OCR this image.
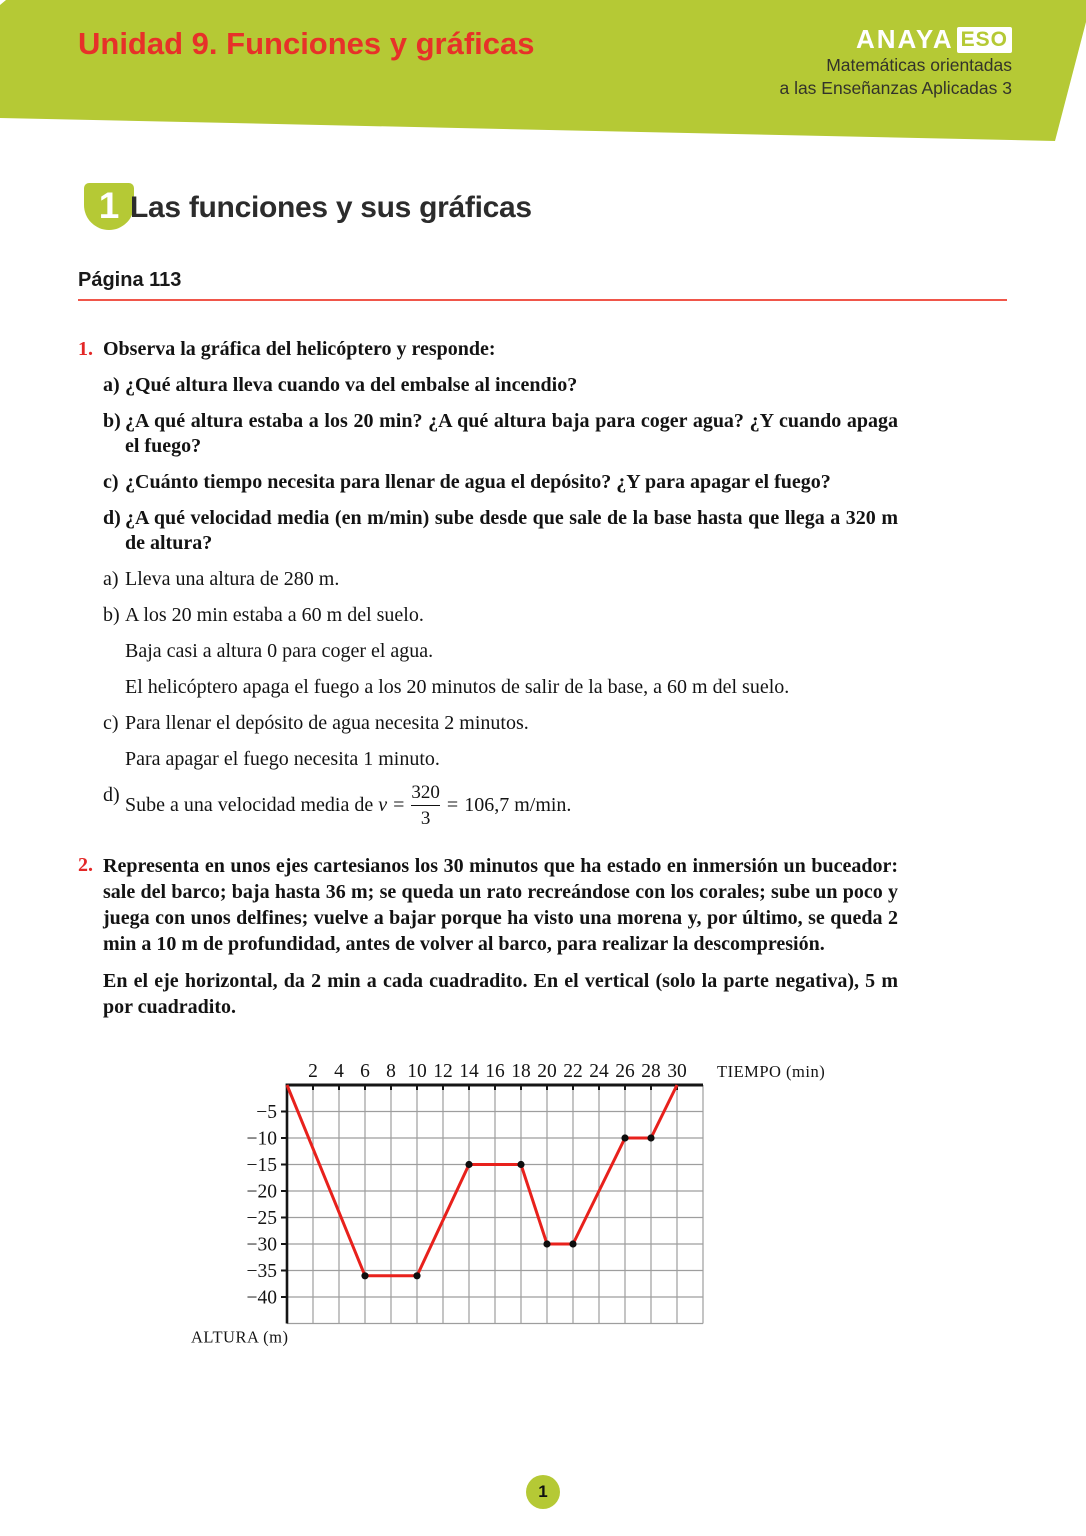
Unidad 9. Funciones y gráficas	ANAYA ESO
Matemáticas orientadas
a las Enseñanzas Aplicadas 3
1 Las funciones y sus gráficas
Página 113
1. Observa la gráfica del helicóptero y responde:
a) ¿Qué altura lleva cuando va del embalse al incendio?
b) ¿A qué altura estaba a los 20 min? ¿A qué altura baja para coger agua? ¿Y cuando apaga el fuego?
c) ¿Cuánto tiempo necesita para llenar de agua el depósito? ¿Y para apagar el fuego?
d) ¿A qué velocidad media (en m/min) sube desde que sale de la base hasta que llega a 320 m de altura?
a) Lleva una altura de 280 m.
b) A los 20 min estaba a 60 m del suelo.
Baja casi a altura 0 para coger el agua.
El helicóptero apaga el fuego a los 20 minutos de salir de la base, a 60 m del suelo.
c) Para llenar el depósito de agua necesita 2 minutos.
Para apagar el fuego necesita 1 minuto.
d) Sube a una velocidad media de $v = \frac{320}{3} = 106,7$ m/min.
2. Representa en unos ejes cartesianos los 30 minutos que ha estado en inmersión un buceador: sale del barco; baja hasta 36 m; se queda un rato recreándose con los corales; sube un poco y juega con unos delfines; vuelve a bajar porque ha visto una morena y, por último, se queda 2 min a 10 m de profundidad, antes de volver al barco, para realizar la descompresión.
En el eje horizontal, da 2 min a cada cuadradito. En el vertical (solo la parte negativa), 5 m por cuadradito.
2 4 6 8 10 12 14 16 18 20 22 24 26 28 30
−5
−10
−15
−20
−25
−30
−35
−40
TIEMPO (min)
ALTURA (m)
1
